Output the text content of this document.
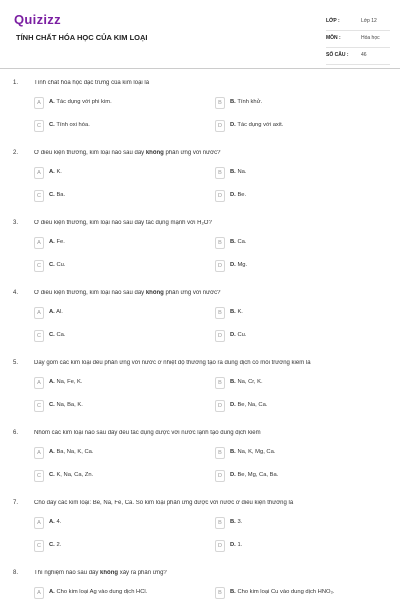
Quizizz
TÍNH CHẤT HÓA HỌC CỦA KIM LOẠI
LỚP :	Lớp 12
MÔN :	Hóa học
SỐ CÂU :	46
1.	Tính chất hóa học đặc trưng của kim loại là
A	A. Tác dụng với phi kim.	B	B. Tính khử.
C	C. Tính oxi hóa.	D	D. Tác dụng với axit.
2.	Ở điều kiện thường, kim loại nào sau đây không phản ứng với nước?
A	A. K.	B	B. Na.
C	C. Ba.	D	D. Be.
3.	Ở điều kiện thường, kim loại nào sau đây tác dụng mạnh với H₂O?
A	A. Fe.	B	B. Ca.
C	C. Cu.	D	D. Mg.
4.	Ở điều kiện thường, kim loại nào sau đây không phản ứng với nước?
A	A. Al.	B	B. K.
C	C. Ca.	D	D. Cu.
5.	Dãy gồm các kim loại đều phản ứng với nước ở nhiệt độ thường tạo ra dung dịch có môi trường kiềm là
A	A. Na, Fe, K.	B	B. Na, Cr, K.
C	C. Na, Ba, K.	D	D. Be, Na, Ca.
6.	Nhóm các kim loại nào sau đây đều tác dụng được với nước lạnh tạo dung dịch kiềm
A	A. Ba, Na, K, Ca.	B	B. Na, K, Mg, Ca.
C	C. K, Na, Ca, Zn.	D	D. Be, Mg, Ca, Ba.
7.	Cho dãy các kim loại: Be, Na, Fe, Ca. Số kim loại phản ứng được với nước ở điều kiện thường là
A	A. 4.	B	B. 3.
C	C. 2.	D	D. 1.
8.	Thí nghiệm nào sau đây không xảy ra phản ứng?
A	A. Cho kim loại Ag vào dung dịch HCl.	B	B. Cho kim loại Cu vào dung dịch HNO₃.
